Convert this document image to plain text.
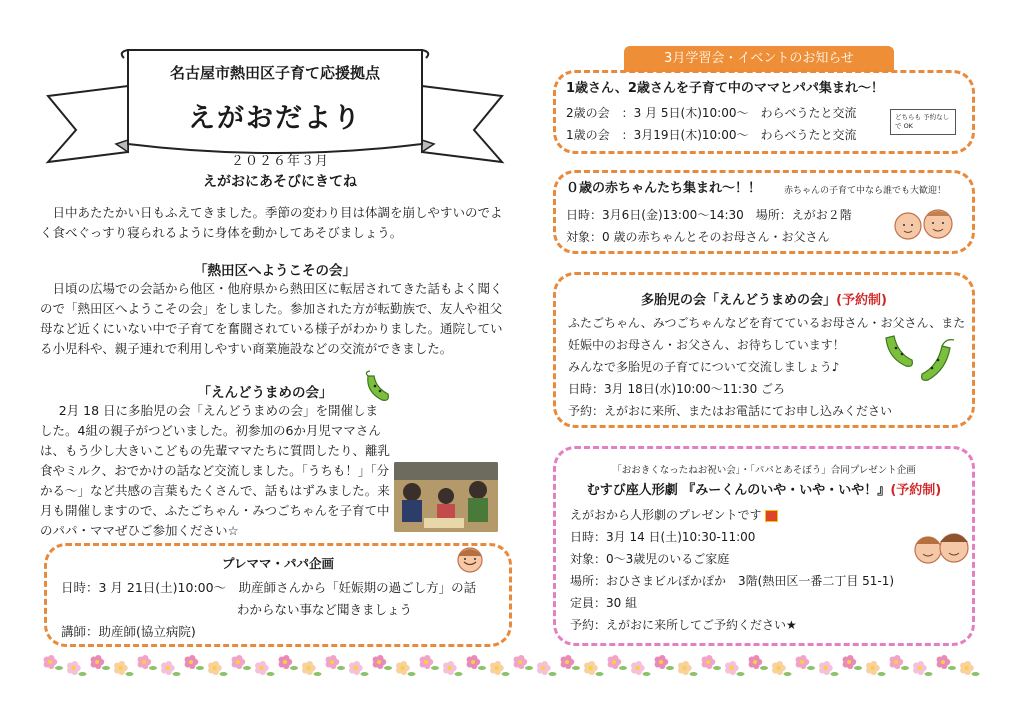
名古屋市熱田区子育て応援拠点
えがおだより
２０２６年３月
えがおにあそびにきてね
日中あたたかい日もふえてきました。季節の変わり目は体調を崩しやすいのでよく食べぐっすり寝られるように身体を動かしてあそびましょう。
「熱田区へようこその会」
日頃の広場での会話から他区・他府県から熱田区に転居されてきた話もよく聞くので「熱田区へようこその会」をしました。参加された方が転勤族で、友人や祖父母など近くにいない中で子育てを奮闘されている様子がわかりました。通院している小児科や、親子連れで利用しやすい商業施設などの交流ができました。
「えんどうまめの会」
2月 18 日に多胎児の会「えんどうまめの会」を開催しました。4組の親子がつどいました。初参加の6か月児ママさんは、もう少し大きいこどもの先輩ママたちに質問したり、離乳食やミルク、おでかけの話など交流しました。「うちも！」「分かる～」など共感の言葉もたくさんで、話もはずみました。来月も開催しますので、ふたごちゃん・みつごちゃんを子育て中のパパ・ママぜひご参加ください☆
プレママ・パパ企画
日時：3 月 21日(土)10:00～　助産師さんから「妊娠期の過ごし方」の話
わからない事など聞きましょう
講師：助産師(協立病院)
3月学習会・イベントのお知らせ
1歳さん、2歳さんを子育て中のママとパパ集まれ～！
2歳の会　：3 月 5日(木)10:00～　わらべうたと交流
1歳の会　：3月19日(木)10:00～　わらべうたと交流
どちらも 予約なしで OK
０歳の赤ちゃんたち集まれ～！！	赤ちゃんの子育て中なら誰でも大歓迎！
日時：3月6日(金)13:00～14:30　場所：えがお２階
対象：0 歳の赤ちゃんとそのお母さん・お父さん
多胎児の会「えんどうまめの会」(予約制)
ふたごちゃん、みつごちゃんなどを育てているお母さん・お父さん、また
妊娠中のお母さん・お父さん、お待ちしています！
みんなで多胎児の子育てについて交流しましょう♪
日時：3月 18日(水)10:00～11:30 ごろ
予約：えがおに来所、またはお電話にてお申し込みください
「おおきくなったねお祝い会」・「パパとあそぼう」合同プレゼント企画
むすび座人形劇 『みーくんのいや・いや・いや！』(予約制)
えがおから人形劇のプレゼントです
日時：3月 14 日(土)10:30-11:00
対象：0～3歳児のいるご家庭
場所：おひさまビルぽかぽか　3階(熱田区一番二丁目 51-1)
定員：30 組
予約：えがおに来所してご予約ください★
